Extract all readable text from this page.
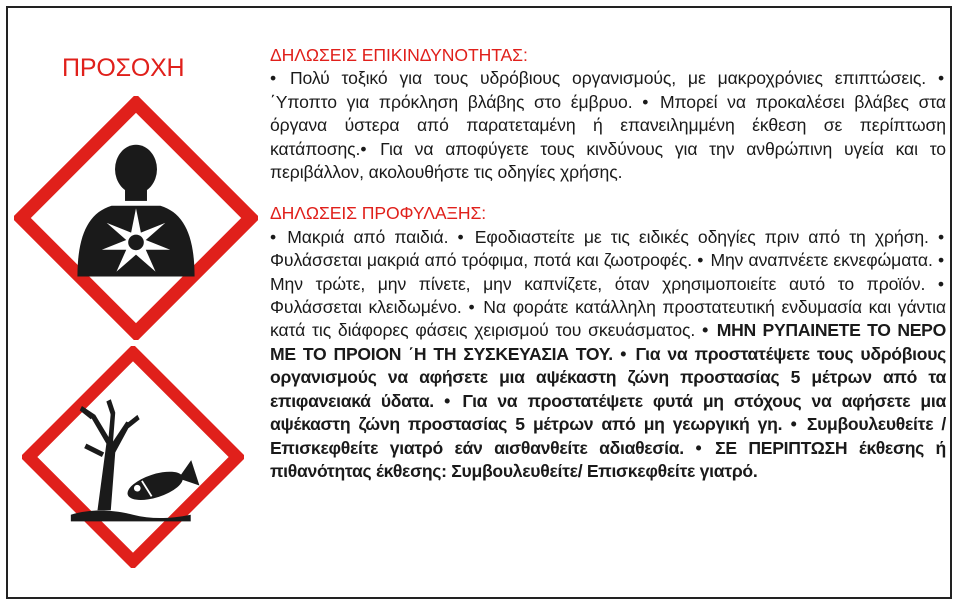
ΠΡΟΣΟΧΗ	ΔΗΛΩΣΕΙΣ ΕΠΙΚΙΝΔΥΝΟΤΗΤΑΣ:

• Πολύ τοξικό για τους υδρόβιους οργανισμούς, με μακροχρόνιες επιπτώσεις. • ΄Υποπτο για πρόκληση βλάβης στο έμβρυο. • Μπορεί να προκαλέσει βλάβες στα όργανα ύστερα από παρατεταμένη ή επανειλημμένη έκθεση σε περίπτωση κατάποσης.• Για να αποφύγετε τους κινδύνους για την ανθρώπινη υγεία και το περιβάλλον, ακολουθήστε τις οδηγίες χρήσης.

ΔΗΛΩΣΕΙΣ ΠΡΟΦΥΛΑΞΗΣ:

• Μακριά από παιδιά. • Εφοδιαστείτε με τις ειδικές οδηγίες πριν από τη χρήση. • Φυλάσσεται μακριά από τρόφιμα, ποτά και ζωοτροφές. • Μην αναπνέετε εκνεφώματα. • Μην τρώτε, μην πίνετε, μην καπνίζετε, όταν χρησιμοποιείτε αυτό το προϊόν. • Φυλάσσεται κλειδωμένο. • Να φοράτε κατάλληλη προστατευτική ενδυμασία και γάντια κατά τις διάφορες φάσεις χειρισμού του σκευάσματος. • ΜΗΝ ΡΥΠΑΙΝΕΤΕ ΤΟ ΝΕΡΟ ΜΕ ΤΟ ΠΡΟΙΟΝ ΄Η ΤΗ ΣΥΣΚΕΥΑΣΙΑ ΤΟΥ. • Για να προστατέψετε τους υδρόβιους οργανισμούς να αφήσετε μια αψέκαστη ζώνη προστασίας 5 μέτρων από τα επιφανειακά ύδατα. • Για να προστατέψετε φυτά μη στόχους να αφήσετε μια αψέκαστη ζώνη προστασίας 5 μέτρων από μη γεωργική γη. • Συμβουλευθείτε / Επισκεφθείτε γιατρό εάν αισθανθείτε αδιαθεσία. • ΣΕ ΠΕΡΙΠΤΩΣΗ έκθεσης ή πιθανότητας έκθεσης: Συμβουλευθείτε/ Επισκεφθείτε γιατρό.
